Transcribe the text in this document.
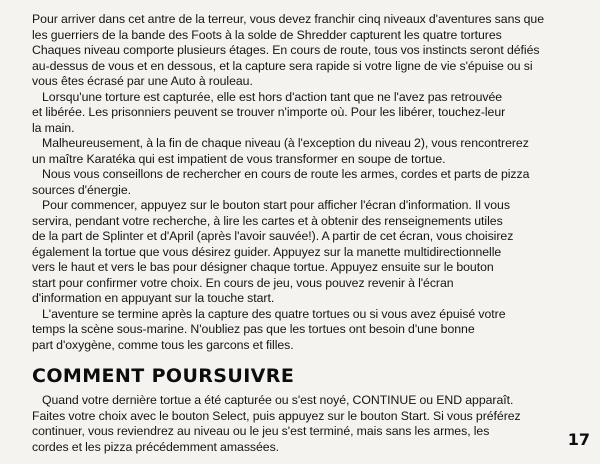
Pour arriver dans cet antre de la terreur, vous devez franchir cinq niveaux d'aventures sans que
les guerriers de la bande des Foots à la solde de Shredder capturent les quatre tortures
Chaques niveau comporte plusieurs étages. En cours de route, tous vos instincts seront défiés
au-dessus de vous et en dessous, et la capture sera rapide si votre ligne de vie s'épuise ou si
vous êtes écrasé par une Auto à rouleau.
Lorsqu'une torture est capturée, elle est hors d'action tant que ne l'avez pas retrouvée
et libérée. Les prisonniers peuvent se trouver n'importe où. Pour les libérer, touchez-leur
la main.
Malheureusement, à la fin de chaque niveau (à l'exception du niveau 2), vous rencontrerez
un maître Karatéka qui est impatient de vous transformer en soupe de tortue.
Nous vous conseillons de rechercher en cours de route les armes, cordes et parts de pizza
sources d'énergie.
Pour commencer, appuyez sur le bouton start pour afficher l'écran d'information. Il vous
servira, pendant votre recherche, à lire les cartes et à obtenir des renseignements utiles
de la part de Splinter et d'April (après l'avoir sauvée!). A partir de cet écran, vous choisirez
également la tortue que vous désirez guider. Appuyez sur la manette multidirectionnelle
vers le haut et vers le bas pour désigner chaque tortue. Appuyez ensuite sur le bouton
start pour confirmer votre choix. En cours de jeu, vous pouvez revenir à l'écran
d'information en appuyant sur la touche start.
L'aventure se termine après la capture des quatre tortues ou si vous avez épuisé votre
temps la scène sous-marine. N'oubliez pas que les tortues ont besoin d'une bonne
part d'oxygène, comme tous les garcons et filles.
COMMENT POURSUIVRE
Quand votre dernière tortue a été capturée ou s'est noyé, CONTINUE ou END apparaît.
Faites votre choix avec le bouton Select, puis appuyez sur le bouton Start. Si vous préférez
continuer, vous reviendrez au niveau ou le jeu s'est terminé, mais sans les armes, les
cordes et les pizza précédemment amassées.	17
